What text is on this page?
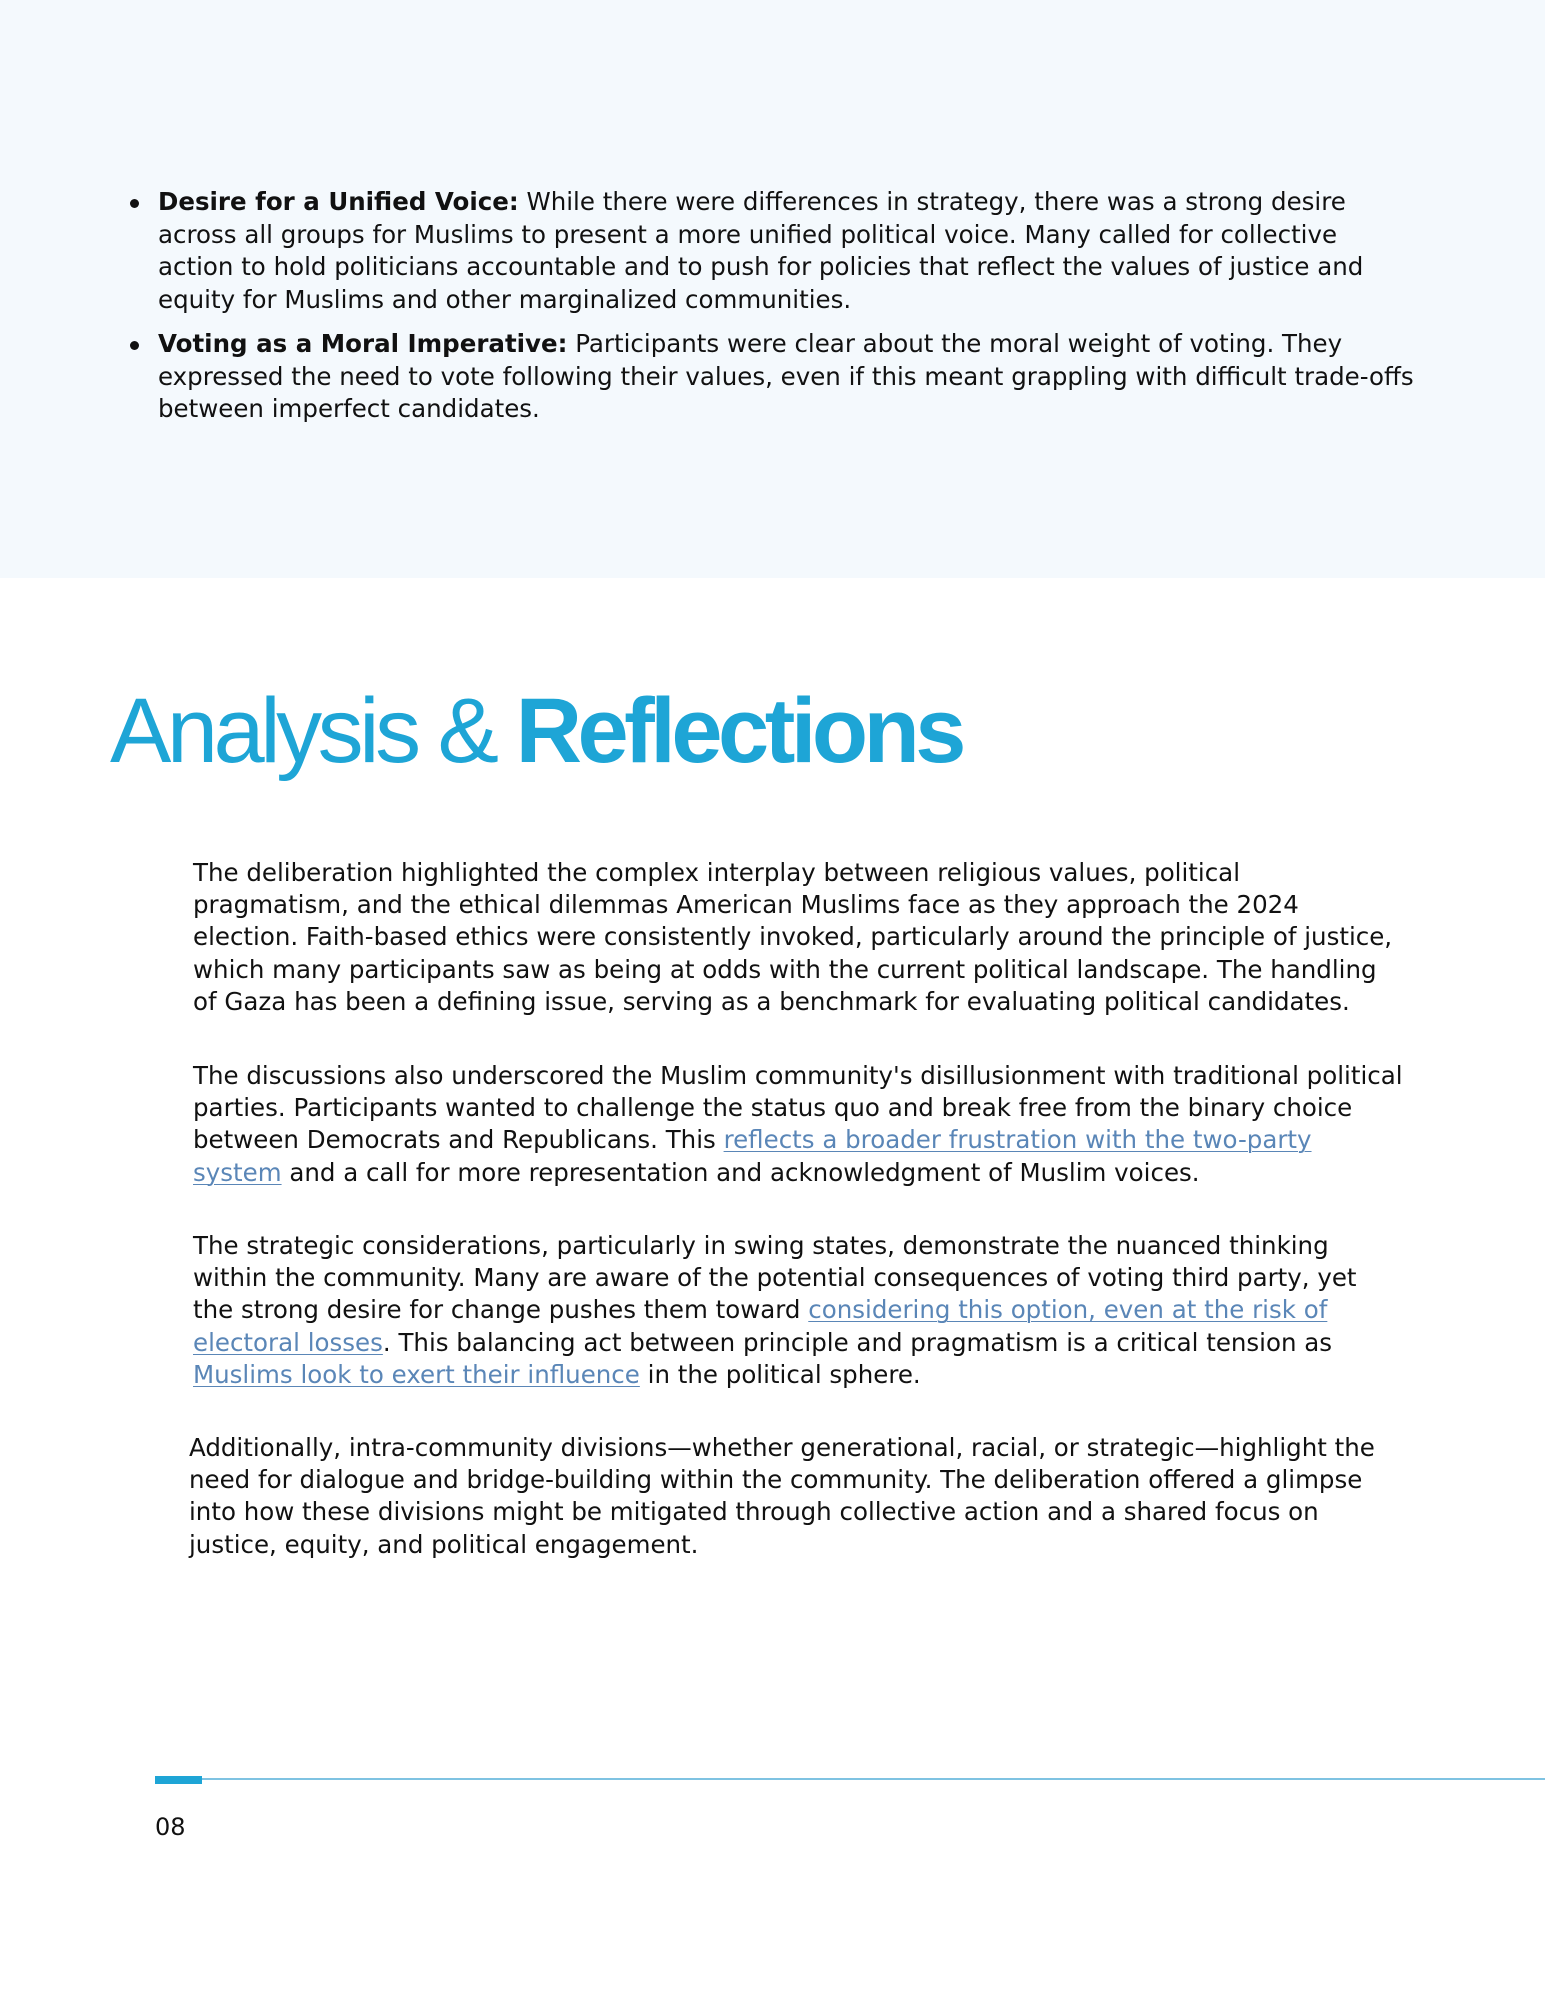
Desire for a Unified Voice: While there were differences in strategy, there was a strong desire across all groups for Muslims to present a more unified political voice. Many called for collective action to hold politicians accountable and to push for policies that reflect the values of justice and equity for Muslims and other marginalized communities.
Voting as a Moral Imperative: Participants were clear about the moral weight of voting. They expressed the need to vote following their values, even if this meant grappling with difficult trade-offs between imperfect candidates.
Analysis & Reflections

The deliberation highlighted the complex interplay between religious values, political pragmatism, and the ethical dilemmas American Muslims face as they approach the 2024 election. Faith-based ethics were consistently invoked, particularly around the principle of justice, which many participants saw as being at odds with the current political landscape. The handling of Gaza has been a defining issue, serving as a benchmark for evaluating political candidates.

The discussions also underscored the Muslim community's disillusionment with traditional political parties. Participants wanted to challenge the status quo and break free from the binary choice between Democrats and Republicans. This reflects a broader frustration with the two-party system and a call for more representation and acknowledgment of Muslim voices.

The strategic considerations, particularly in swing states, demonstrate the nuanced thinking within the community. Many are aware of the potential consequences of voting third party, yet the strong desire for change pushes them toward considering this option, even at the risk of electoral losses. This balancing act between principle and pragmatism is a critical tension as Muslims look to exert their influence in the political sphere.

Additionally, intra-community divisions—whether generational, racial, or strategic—highlight the need for dialogue and bridge-building within the community. The deliberation offered a glimpse into how these divisions might be mitigated through collective action and a shared focus on justice, equity, and political engagement.

08
